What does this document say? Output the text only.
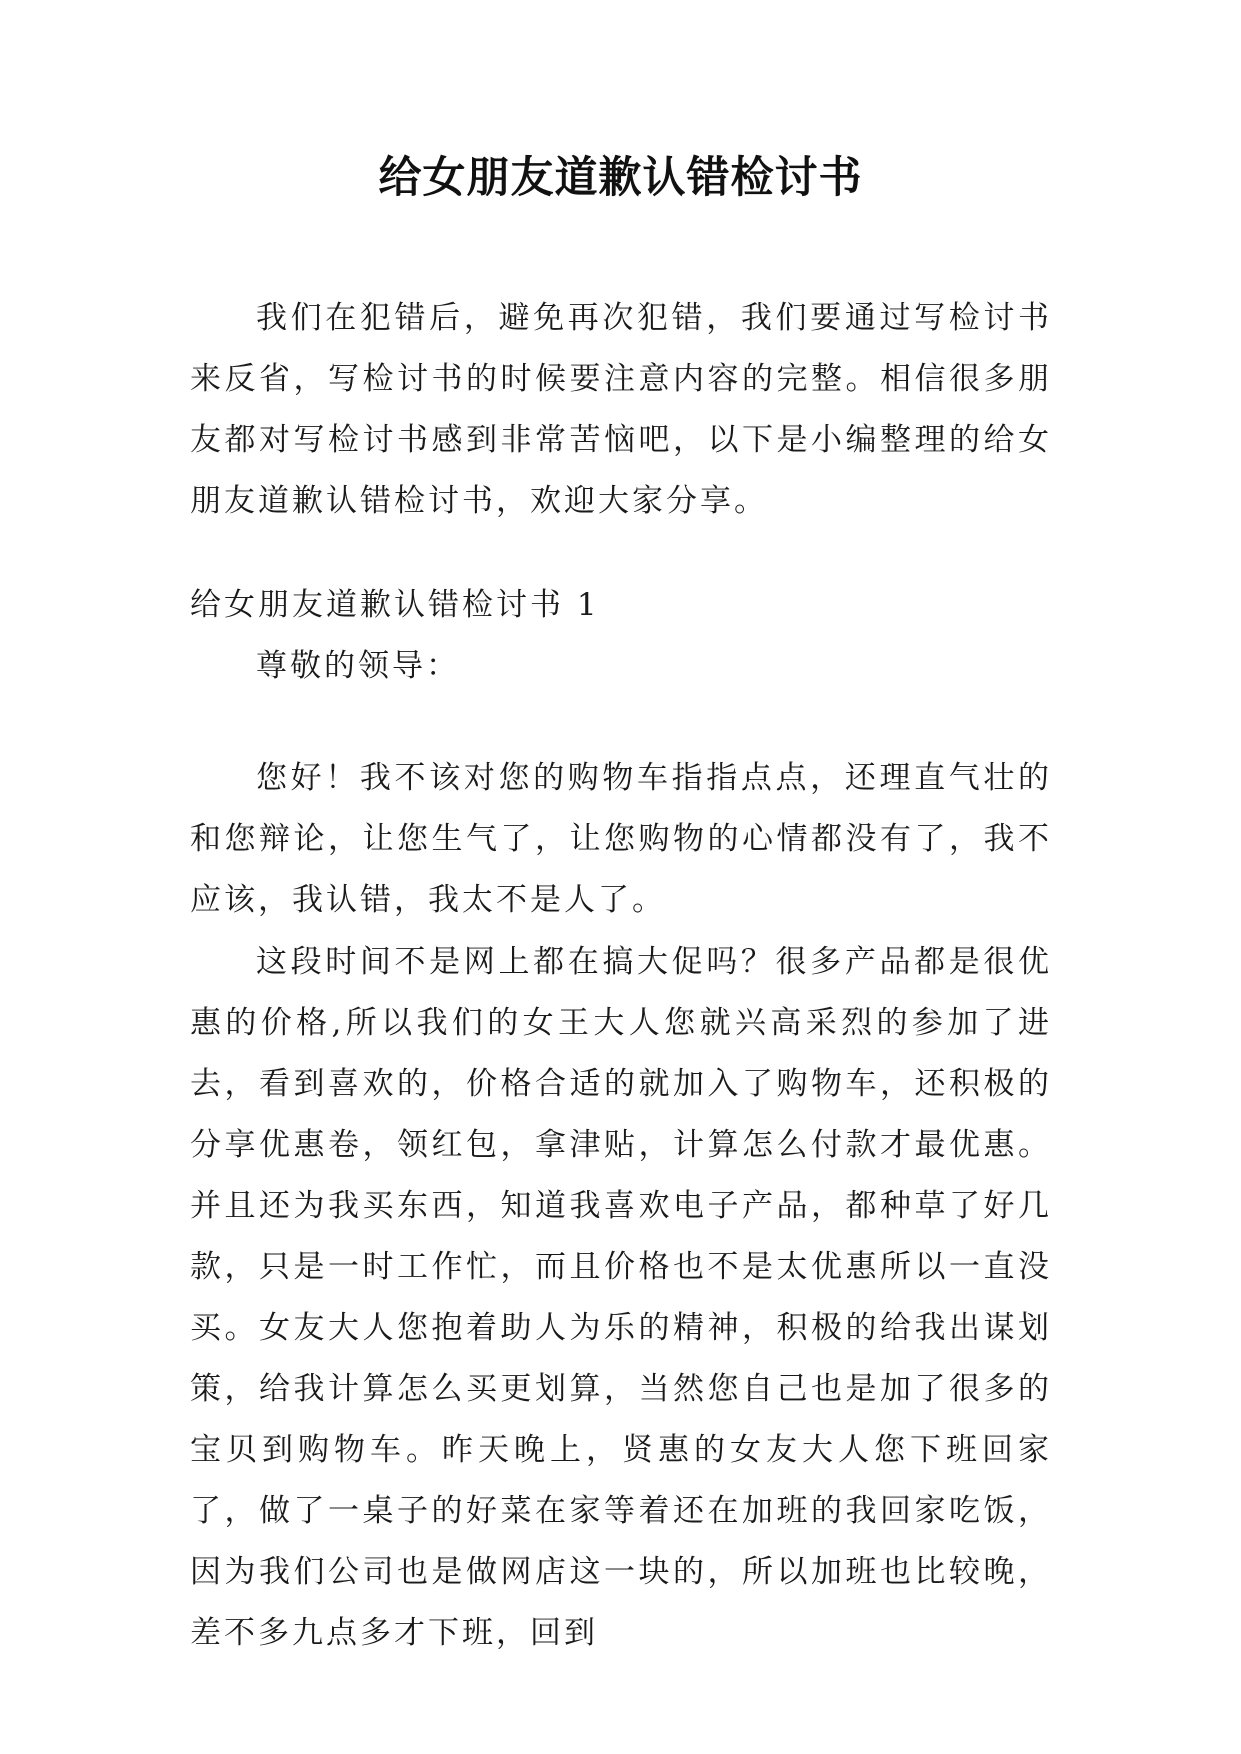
给女朋友道歉认错检讨书
我们在犯错后，避免再次犯错，我们要通过写检讨书来反省，写检讨书的时候要注意内容的完整。相信很多朋友都对写检讨书感到非常苦恼吧，以下是小编整理的给女朋友道歉认错检讨书，欢迎大家分享。
给女朋友道歉认错检讨书 1
尊敬的领导：
您好！我不该对您的购物车指指点点，还理直气壮的和您辩论，让您生气了，让您购物的心情都没有了，我不应该，我认错，我太不是人了。
这段时间不是网上都在搞大促吗？很多产品都是很优惠的价格,所以我们的女王大人您就兴高采烈的参加了进去，看到喜欢的，价格合适的就加入了购物车，还积极的分享优惠卷，领红包，拿津贴，计算怎么付款才最优惠。并且还为我买东西，知道我喜欢电子产品，都种草了好几款，只是一时工作忙，而且价格也不是太优惠所以一直没买。女友大人您抱着助人为乐的精神，积极的给我出谋划策，给我计算怎么买更划算，当然您自己也是加了很多的宝贝到购物车。昨天晚上，贤惠的女友大人您下班回家了，做了一桌子的好菜在家等着还在加班的我回家吃饭，因为我们公司也是做网店这一块的，所以加班也比较晚，差不多九点多才下班，回到
